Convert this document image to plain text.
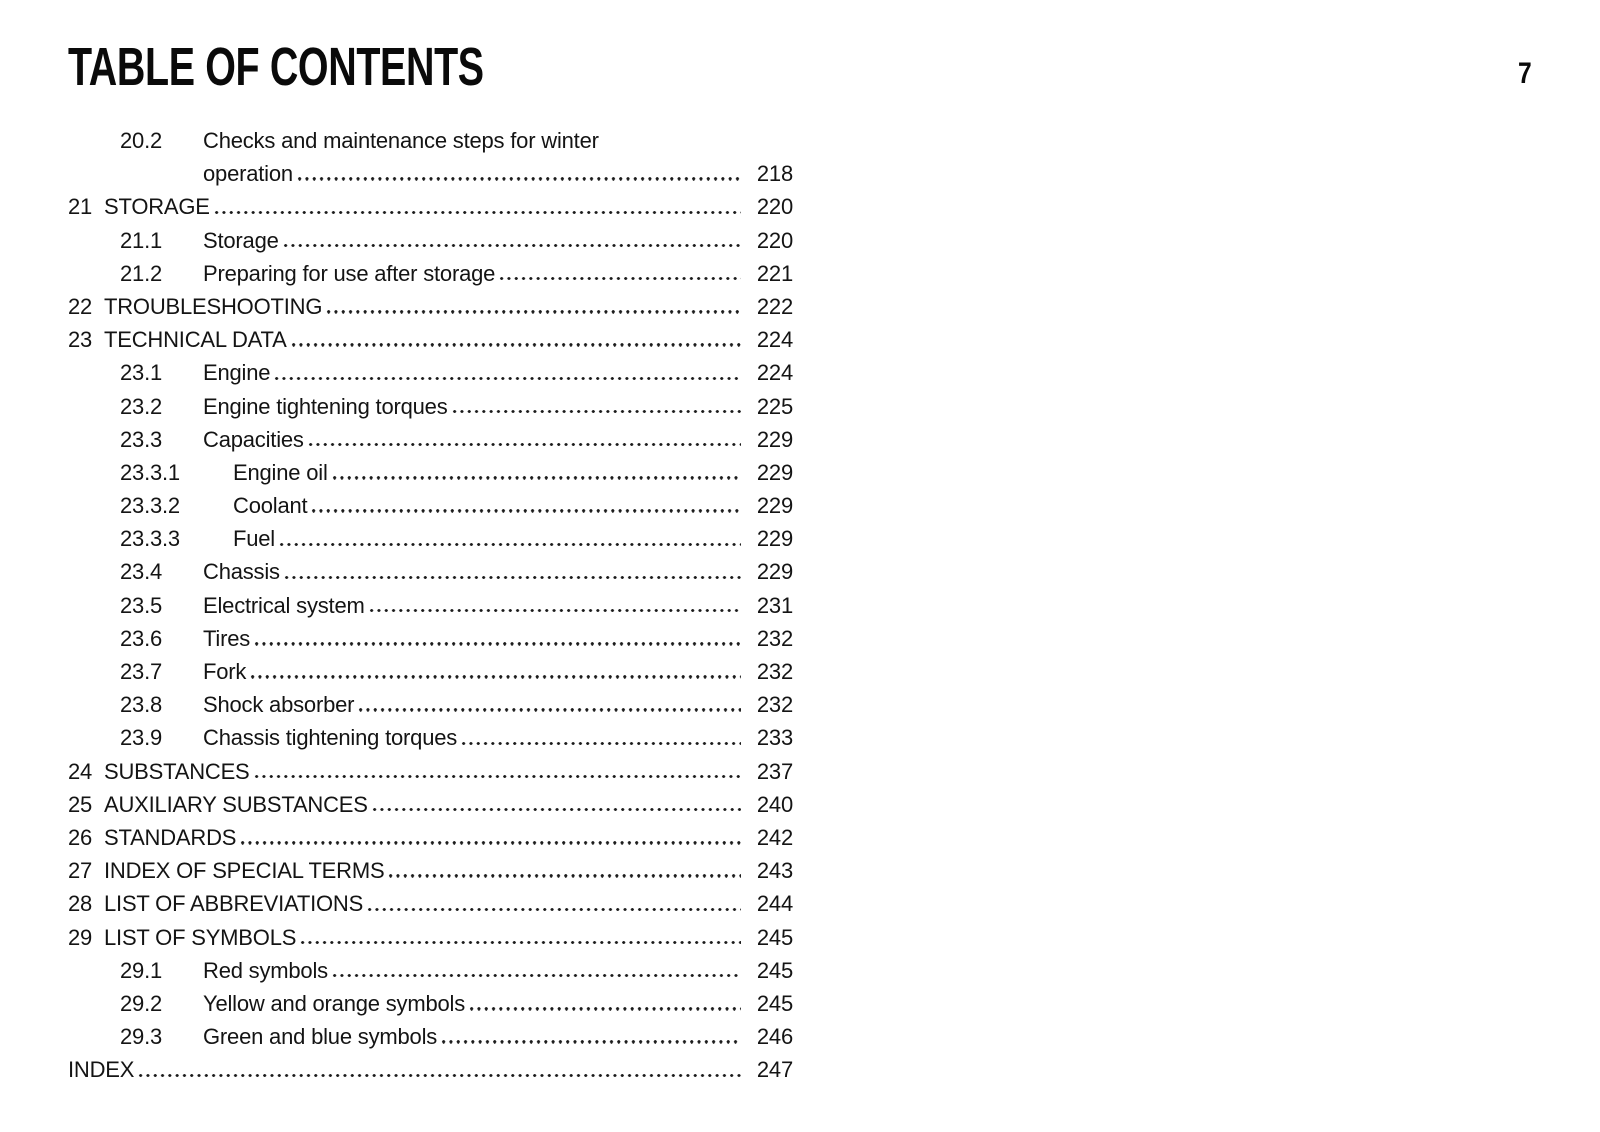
TABLE OF CONTENTS	7
20.2	Checks and maintenance steps for winter
operation	218
21 STORAGE	220
21.1	Storage	220
21.2	Preparing for use after storage	221
22 TROUBLESHOOTING	222
23 TECHNICAL DATA	224
23.1	Engine	224
23.2	Engine tightening torques	225
23.3	Capacities	229
23.3.1	Engine oil	229
23.3.2	Coolant	229
23.3.3	Fuel	229
23.4	Chassis	229
23.5	Electrical system	231
23.6	Tires	232
23.7	Fork	232
23.8	Shock absorber	232
23.9	Chassis tightening torques	233
24 SUBSTANCES	237
25 AUXILIARY SUBSTANCES	240
26 STANDARDS	242
27 INDEX OF SPECIAL TERMS	243
28 LIST OF ABBREVIATIONS	244
29 LIST OF SYMBOLS	245
29.1	Red symbols	245
29.2	Yellow and orange symbols	245
29.3	Green and blue symbols	246
INDEX	247
